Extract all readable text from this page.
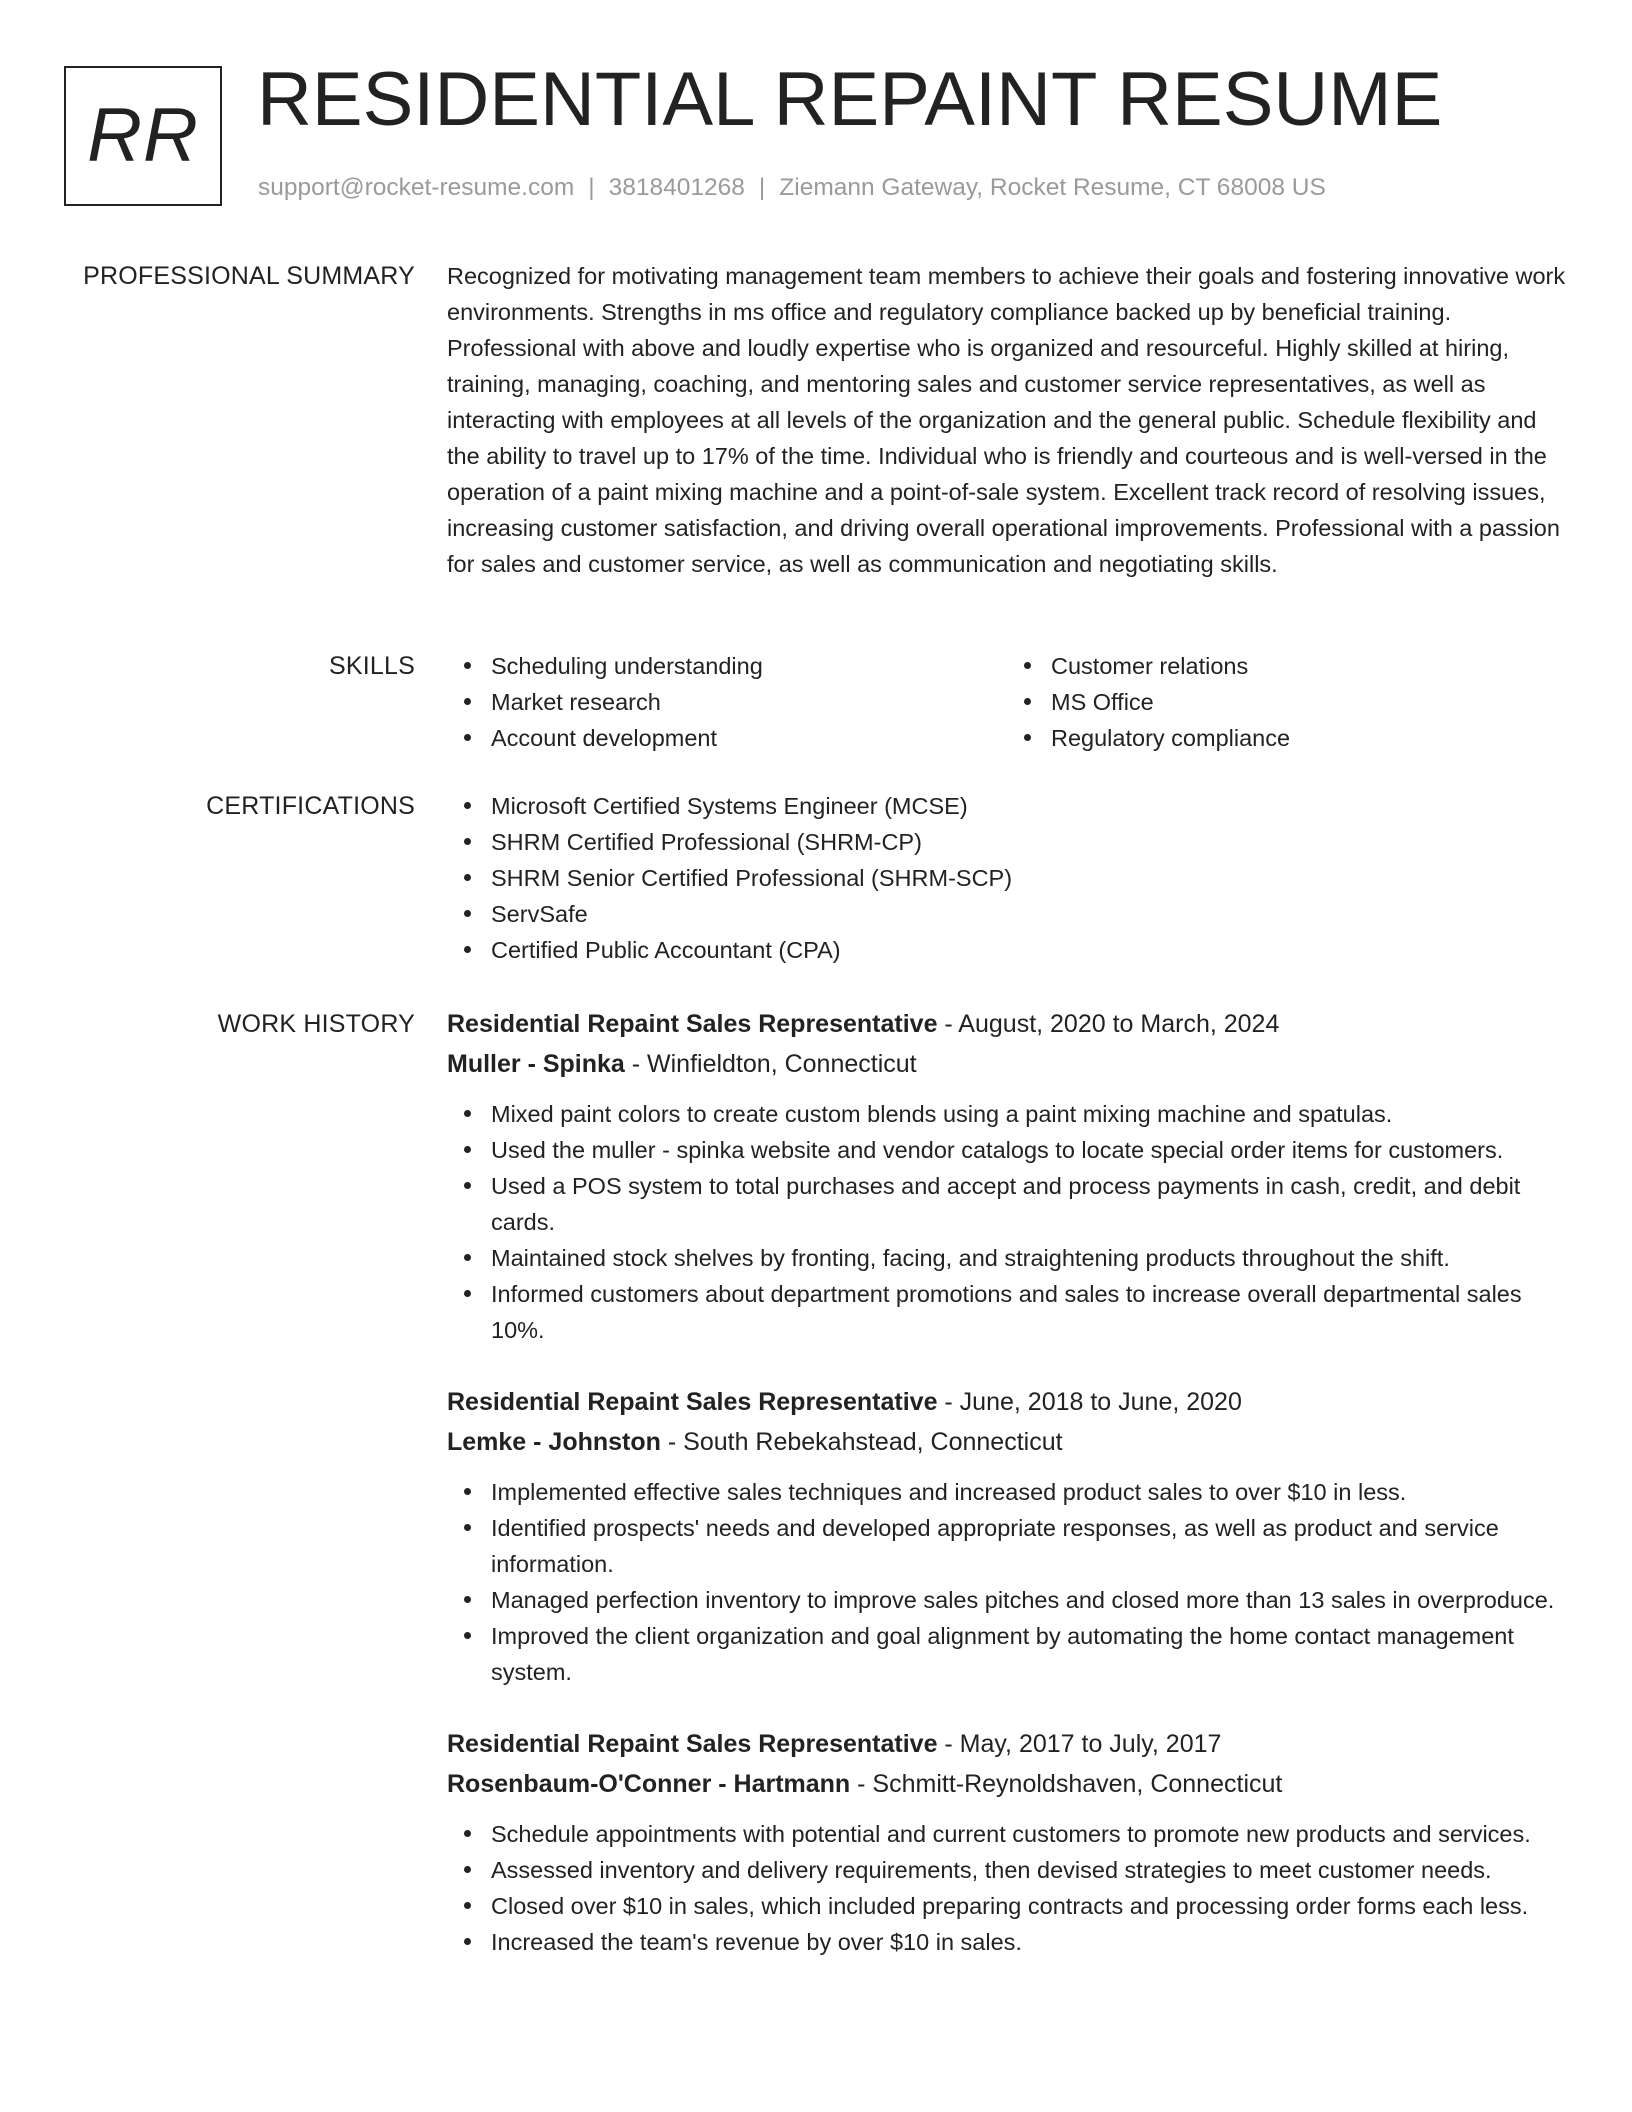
RR RESIDENTIAL REPAINT RESUME
support@rocket-resume.com | 3818401268 | Ziemann Gateway, Rocket Resume, CT 68008 US
PROFESSIONAL SUMMARY Recognized for motivating management team members to achieve their goals and fostering innovative work environments. Strengths in ms office and regulatory compliance backed up by beneficial training. Professional with above and loudly expertise who is organized and resourceful. Highly skilled at hiring, training, managing, coaching, and mentoring sales and customer service representatives, as well as interacting with employees at all levels of the organization and the general public. Schedule flexibility and the ability to travel up to 17% of the time. Individual who is friendly and courteous and is well-versed in the operation of a paint mixing machine and a point-of-sale system. Excellent track record of resolving issues, increasing customer satisfaction, and driving overall operational improvements. Professional with a passion for sales and customer service, as well as communication and negotiating skills.

SKILLS	Scheduling understanding
Market research
Account development
Customer relations
MS Office
Regulatory compliance
CERTIFICATIONS	Microsoft Certified Systems Engineer (MCSE)
SHRM Certified Professional (SHRM-CP)
SHRM Senior Certified Professional (SHRM-SCP)
ServSafe
Certified Public Accountant (CPA)
WORK HISTORY Residential Repaint Sales Representative - August, 2020 to March, 2024
Muller - Spinka - Winfieldton, Connecticut
Mixed paint colors to create custom blends using a paint mixing machine and spatulas.
Used the muller - spinka website and vendor catalogs to locate special order items for customers.
Used a POS system to total purchases and accept and process payments in cash, credit, and debit cards.
Maintained stock shelves by fronting, facing, and straightening products throughout the shift.
Informed customers about department promotions and sales to increase overall departmental sales 10%.
Residential Repaint Sales Representative - June, 2018 to June, 2020
Lemke - Johnston - South Rebekahstead, Connecticut
Implemented effective sales techniques and increased product sales to over $10 in less.
Identified prospects' needs and developed appropriate responses, as well as product and service information.
Managed perfection inventory to improve sales pitches and closed more than 13 sales in overproduce.
Improved the client organization and goal alignment by automating the home contact management system.
Residential Repaint Sales Representative - May, 2017 to July, 2017
Rosenbaum-O'Conner - Hartmann - Schmitt-Reynoldshaven, Connecticut
Schedule appointments with potential and current customers to promote new products and services.
Assessed inventory and delivery requirements, then devised strategies to meet customer needs.
Closed over $10 in sales, which included preparing contracts and processing order forms each less.
Increased the team's revenue by over $10 in sales.
